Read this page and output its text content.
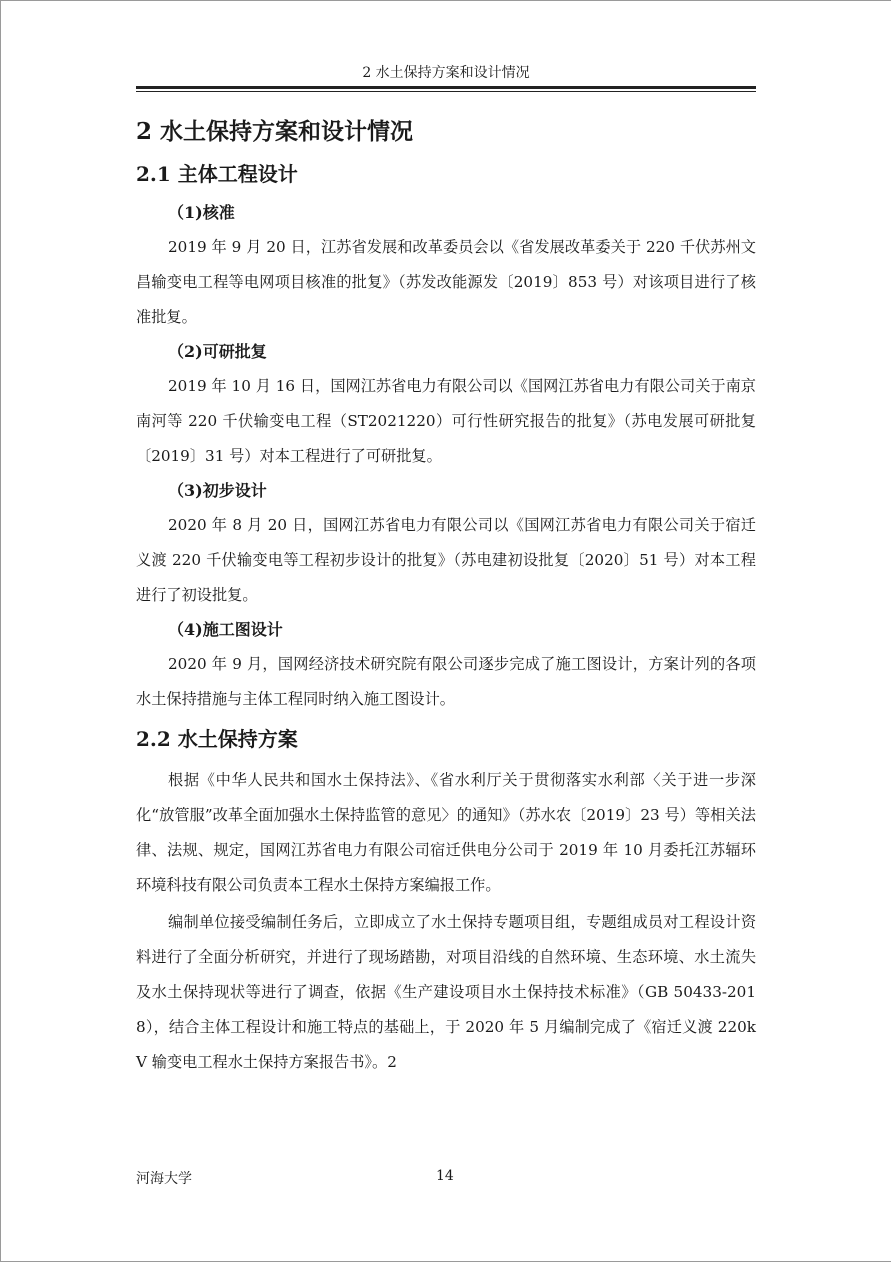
2 水土保持方案和设计情况
2 水土保持方案和设计情况
2.1 主体工程设计
（1)核准

2019 年 9 月 20 日，江苏省发展和改革委员会以《省发展改革委关于 220 千伏苏州文昌输变电工程等电网项目核准的批复》（苏发改能源发〔2019〕853 号）对该项目进行了核准批复。

（2)可研批复

2019 年 10 月 16 日，国网江苏省电力有限公司以《国网江苏省电力有限公司关于南京南河等 220 千伏输变电工程（ST2021220）可行性研究报告的批复》（苏电发展可研批复〔2019〕31 号）对本工程进行了可研批复。

（3)初步设计

2020 年 8 月 20 日，国网江苏省电力有限公司以《国网江苏省电力有限公司关于宿迁义渡 220 千伏输变电等工程初步设计的批复》（苏电建初设批复〔2020〕51 号）对本工程进行了初设批复。

（4)施工图设计

2020 年 9 月，国网经济技术研究院有限公司逐步完成了施工图设计，方案计列的各项水土保持措施与主体工程同时纳入施工图设计。

2.2 水土保持方案

根据《中华人民共和国水土保持法》、《省水利厅关于贯彻落实水利部〈关于进一步深化“放管服”改革全面加强水土保持监管的意见〉的通知》（苏水农〔2019〕23 号）等相关法律、法规、规定，国网江苏省电力有限公司宿迁供电分公司于 2019 年 10 月委托江苏辐环环境科技有限公司负责本工程水土保持方案编报工作。

编制单位接受编制任务后，立即成立了水土保持专题项目组，专题组成员对工程设计资料进行了全面分析研究，并进行了现场踏勘，对项目沿线的自然环境、生态环境、水土流失及水土保持现状等进行了调查，依据《生产建设项目水土保持技术标准》（GB 50433-2018），结合主体工程设计和施工特点的基础上，于 2020 年 5 月编制完成了《宿迁义渡 220kV 输变电工程水土保持方案报告书》。2

河海大学	14
